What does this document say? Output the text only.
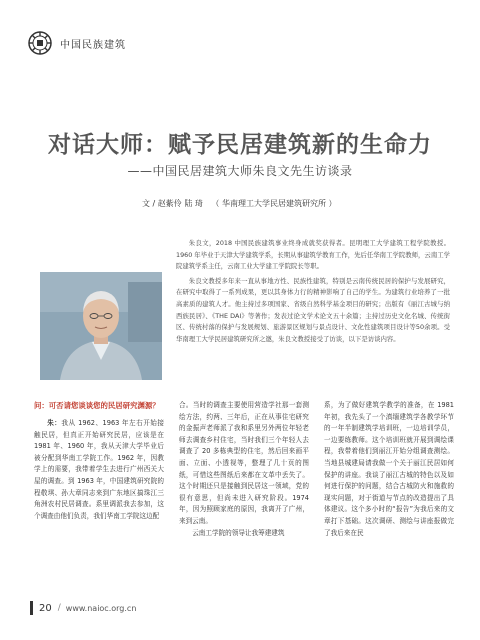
中国民族建筑
对话大师：赋予民居建筑新的生命力
——中国民居建筑大师朱良文先生访谈录
文 / 赵紫伶 陆 琦 （ 华南理工大学民居建筑研究所 ）

朱良文，2018 中国民族建筑事业终身成就奖获得者。昆明理工大学建筑工程学院教授。1960 年毕业于天津大学建筑学系，长期从事建筑学教育工作，先后任华南工学院教师，云南工学院建筑学系主任，云南工业大学建工学院院长等职。

朱良文教授多年来一直从事地方性、民族性建筑，特别是云南传统民居的保护与发展研究，在研究中取得了一系列成果，更以其身体力行的精神影响了自己的学生。为建筑行业培养了一批高素质的建筑人才。他主持过多项国家、省级自然科学基金项目的研究；出版有《丽江古城与纳西族民居》、《THE DAI》等著作；发表过论文学术论文五十余篇；主持过历史文化名城、传统街区、传统村落的保护与发展规划、旅游景区规划与景点设计、文化性建筑项目设计等50余项。受华南理工大学民居建筑研究所之邀，朱良文教授接受了访谈，以下是访谈内容。

问：可否请您谈谈您的民居研究渊源？

朱：我从 1962、1963 年左右开始接触民居，但真正开始研究民居，应该是在 1981 年、1960 年，我从天津大学毕业后被分配到华南工学院工作。1962 年，因教学上的需要，我带着学生去进行广州西关大屋的调查。到 1963 年，中国建筑研究院的程敬琪、孙大章同志来到广东地区搞珠江三角洲农村民居调查。系里调派我去参加，这个调查由他们负责，我们华南工学院这边配

合。当时的调查主要使用营造学社那一套测绘方法，约两、三年后，正在从事住宅研究的金振声老师派了我和系里另外两位年轻老师去调查乡村住宅，当时我们三个年轻人去调查了 20 多栋典型的住宅，然后回来画平面、立面、小透视等，整理了几十页的图纸，可惜这些图纸后来都在文革中丢失了。这个时期还只是接触到民居这一领域，党的很有意思，但尚未进入研究阶段。1974 年，因为照顾家庭的原因，我离开了广州，来到云南。

云南工学院的领导让我筹建建筑

系，为了做好建筑学教学的准备，在 1981 年初，我先头了一个滇缅建筑学各教学环节的一年半制建筑学培训班，一边培训学员，一边要练教师。这个培训班就开展到调绘课程，我带着他们到丽江开始分组调查测绘。当地县城建局请我做一个关于丽江民居如何保护的讲座。我谈了丽江古城的特色以及如何进行保护的问题，结合古城防火和施救的现实问题，对于街道与节点的改造提出了具体建议。这个多小时的“报告”为我后来的文章打下基础。这次调研、测绘与讲座报做完了我后来在民
20 / www.naioc.org.cn
